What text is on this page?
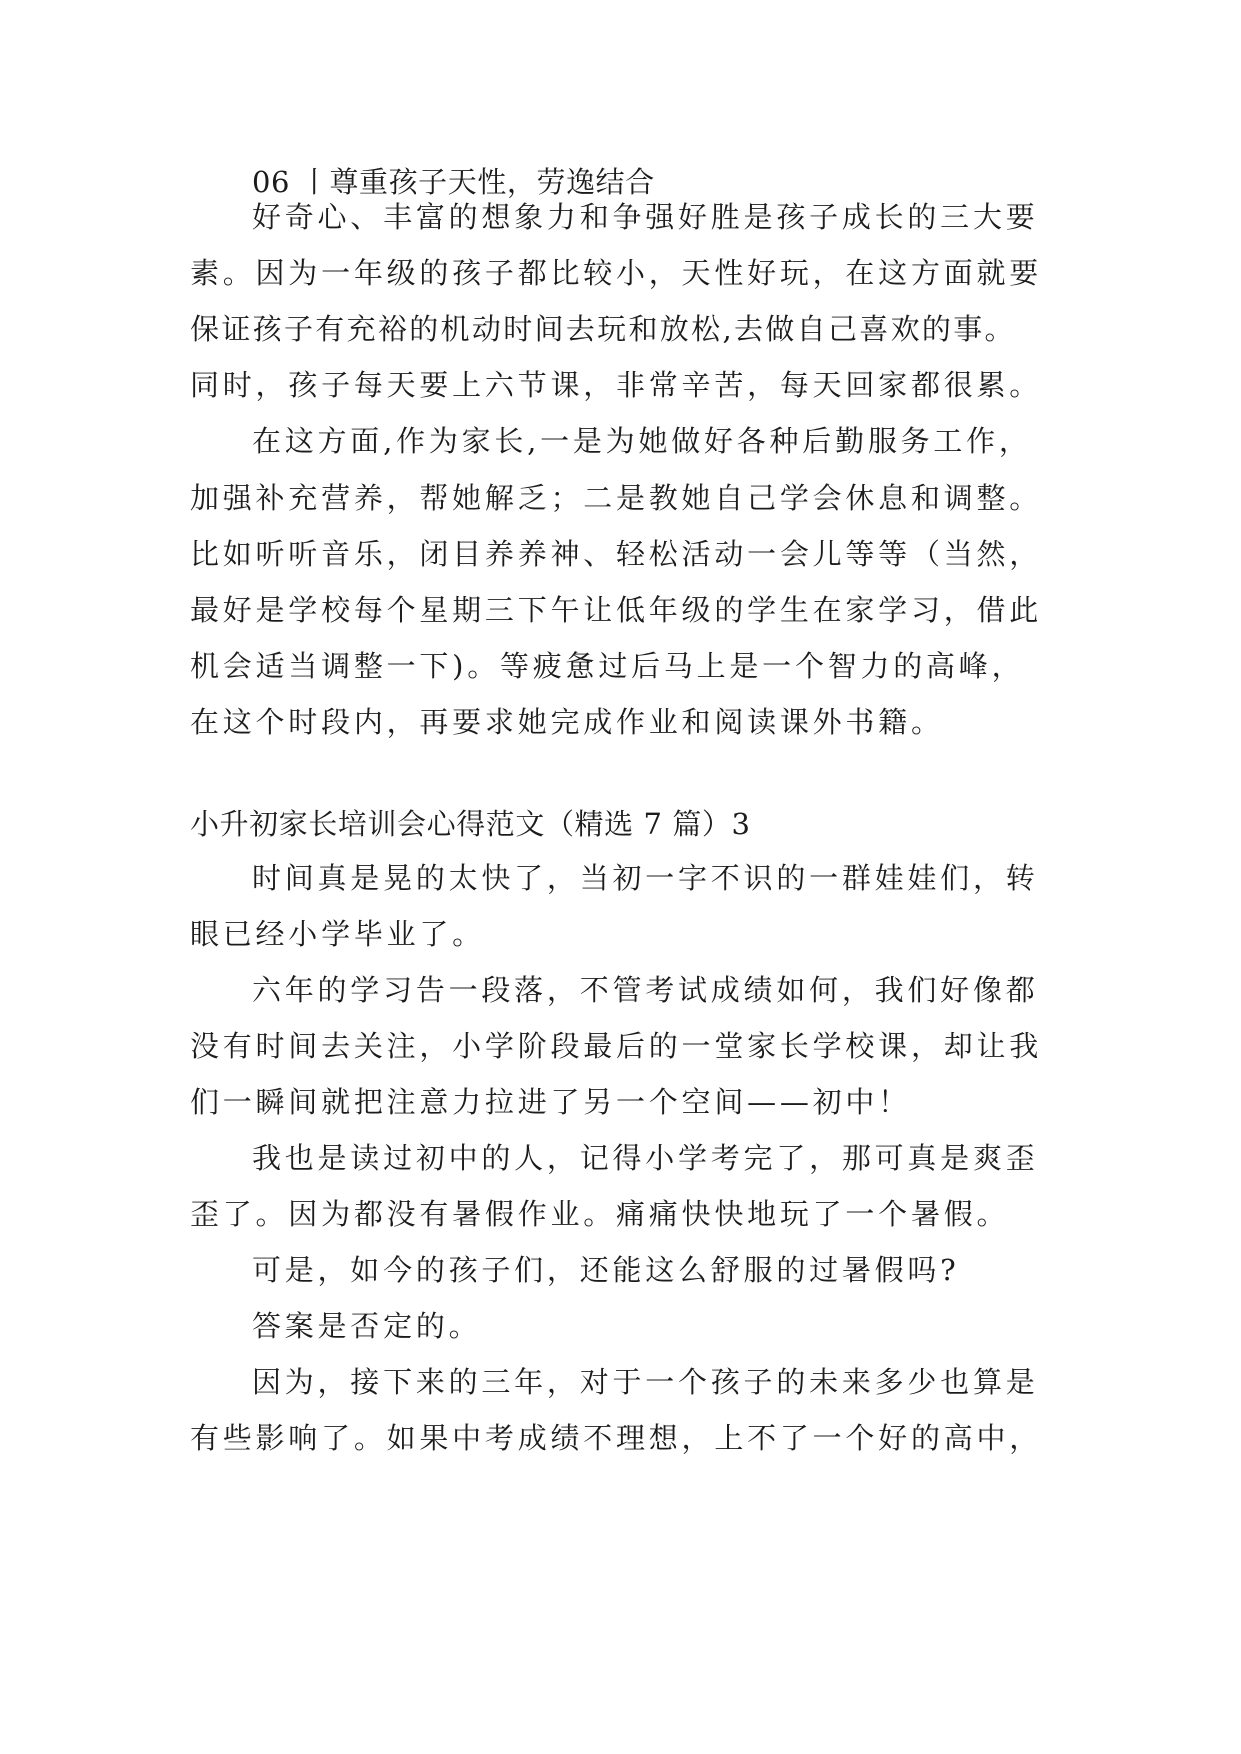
06 丨尊重孩子天性，劳逸结合

好奇心、丰富的想象力和争强好胜是孩子成长的三大要

素。因为一年级的孩子都比较小，天性好玩，在这方面就要

保证孩子有充裕的机动时间去玩和放松,去做自己喜欢的事。

同时，孩子每天要上六节课，非常辛苦，每天回家都很累。

在这方面,作为家长,一是为她做好各种后勤服务工作，

加强补充营养，帮她解乏；二是教她自己学会休息和调整。

比如听听音乐，闭目养养神、轻松活动一会儿等等（当然，

最好是学校每个星期三下午让低年级的学生在家学习，借此

机会适当调整一下)。等疲惫过后马上是一个智力的高峰，

在这个时段内，再要求她完成作业和阅读课外书籍。

小升初家长培训会心得范文（精选 7 篇）3

时间真是晃的太快了，当初一字不识的一群娃娃们，转

眼已经小学毕业了。

六年的学习告一段落，不管考试成绩如何，我们好像都

没有时间去关注，小学阶段最后的一堂家长学校课，却让我

们一瞬间就把注意力拉进了另一个空间——初中！

我也是读过初中的人，记得小学考完了，那可真是爽歪

歪了。因为都没有暑假作业。痛痛快快地玩了一个暑假。

可是，如今的孩子们，还能这么舒服的过暑假吗?

答案是否定的。

因为，接下来的三年，对于一个孩子的未来多少也算是

有些影响了。如果中考成绩不理想，上不了一个好的高中，
